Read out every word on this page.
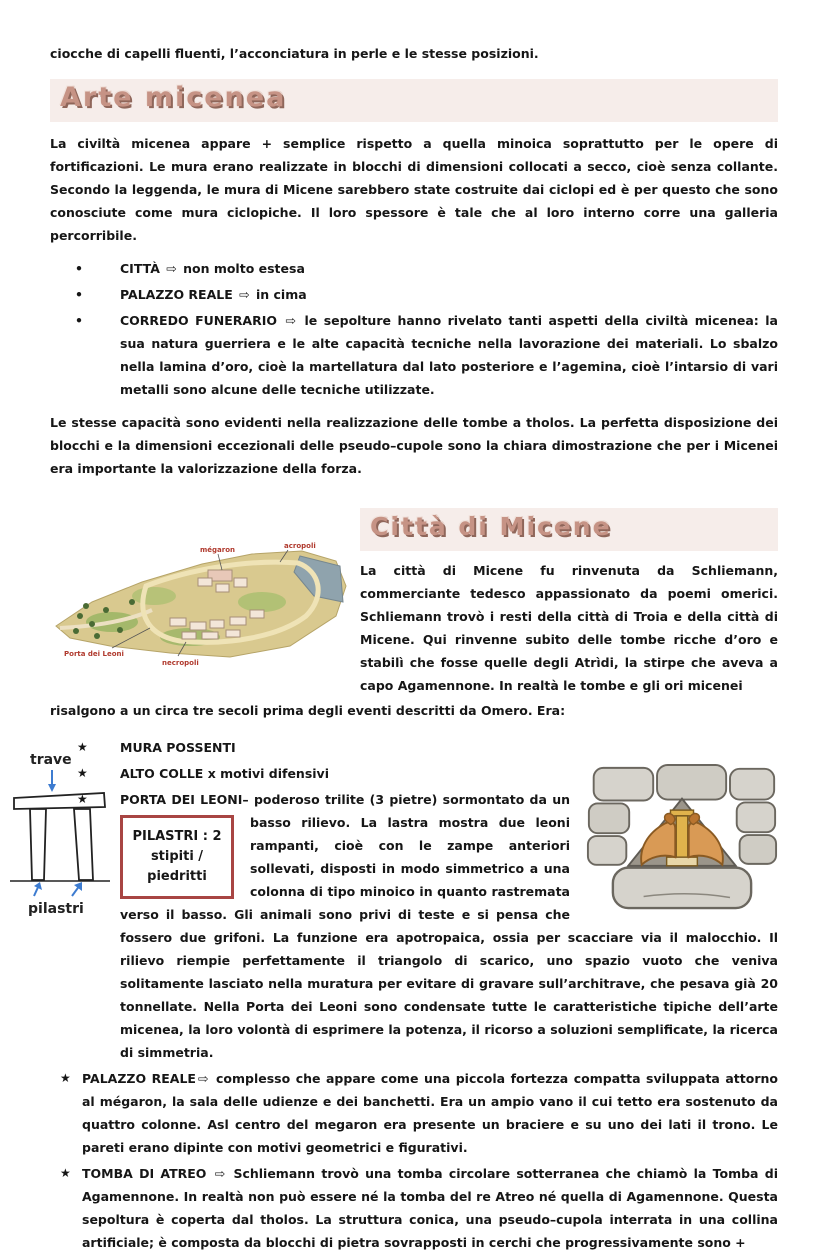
ciocche di capelli fluenti, l’acconciatura in perle e le stesse posizioni.

Arte micenea

La civiltà micenea appare + semplice rispetto a quella minoica soprattutto per le opere di fortificazioni. Le mura erano realizzate in blocchi di dimensioni collocati a secco, cioè senza collante. Secondo la leggenda, le mura di Micene sarebbero state costruite dai ciclopi ed è per questo che sono conosciute come mura ciclopiche. Il loro spessore è tale che al loro interno corre una galleria percorribile.

•	CITTÀ ⇨ non molto estesa
•	PALAZZO REALE ⇨ in cima
•	CORREDO FUNERARIO ⇨ le sepolture hanno rivelato tanti aspetti della civiltà micenea: la sua natura guerriera e le alte capacità tecniche nella lavorazione dei materiali. Lo sbalzo nella lamina d’oro, cioè la martellatura dal lato posteriore e l’agemina, cioè l’intarsio di vari metalli sono alcune delle tecniche utilizzate.

Le stesse capacità sono evidenti nella realizzazione delle tombe a tholos. La perfetta disposizione dei blocchi e la dimensioni eccezionali delle pseudo–cupole sono la chiara dimostrazione che per i Micenei era importante la valorizzazione della forza.

mégaron	acropoli
Porta dei Leoni
necropoli
Città di Micene

La città di Micene fu rinvenuta da Schliemann, commerciante tedesco appassionato da poemi omerici. Schliemann trovò i resti della città di Troia e della città di Micene. Qui rinvenne subito delle tombe ricche d’oro e stabilì che fosse quelle degli Atrìdi, la stirpe che aveva a capo Agamennone. In realtà le tombe e gli ori micenei

risalgono a un circa tre secoli prima degli eventi descritti da Omero. Era:

trave
pilastri
★	MURA POSSENTI
★	ALTO COLLE x motivi difensivi
★	PORTA DEI LEONI– poderoso trilite (3 pietre) sormontato da un
PILASTRI : 2
stipiti /
piedritti
basso rilievo. La lastra mostra due leoni rampanti, cioè con le zampe anteriori sollevati, disposti in modo simmetrico a una colonna di tipo minoico in quanto rastremata verso il basso. Gli animali sono privi di teste e si pensa che fossero due grifoni. La funzione era apotropaica, ossia per scacciare via il malocchio. Il rilievo riempie perfettamente il triangolo di scarico, uno spazio vuoto che veniva solitamente lasciato nella muratura per evitare di gravare sull’architrave, che pesava già 20 tonnellate. Nella Porta dei Leoni sono condensate tutte le caratteristiche tipiche dell’arte micenea, la loro volontà di esprimere la potenza, il ricorso a soluzioni semplificate, la ricerca di simmetria.
★ PALAZZO REALE ⇨ complesso che appare come una piccola fortezza compatta sviluppata attorno al mégaron, la sala delle udienze e dei banchetti. Era un ampio vano il cui tetto era sostenuto da quattro colonne. Asl centro del megaron era presente un braciere e su uno dei lati il trono. Le pareti erano dipinte con motivi geometrici e figurativi.
★ TOMBA DI ATREO ⇨ Schliemann trovò una tomba circolare sotterranea che chiamò la Tomba di Agamennone. In realtà non può essere né la tomba del re Atreo né quella di Agamennone. Questa sepoltura è coperta dal tholos. La struttura conica, una pseudo–cupola interrata in una collina artificiale; è composta da blocchi di pietra sovrapposti in cerchi che progressivamente sono +
